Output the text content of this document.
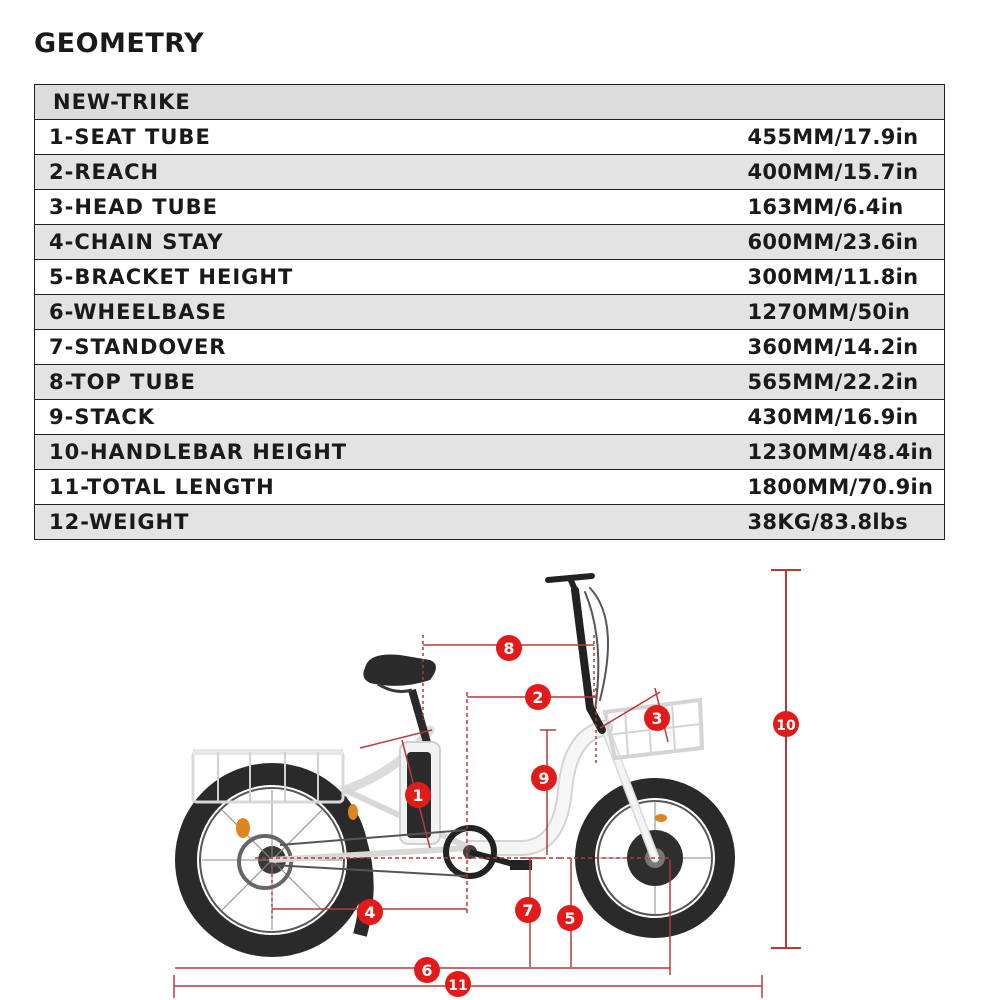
GEOMETRY
NEW-TRIKE	
1-SEAT TUBE	455MM/17.9in
2-REACH	400MM/15.7in
3-HEAD TUBE	163MM/6.4in
4-CHAIN STAY	600MM/23.6in
5-BRACKET HEIGHT	300MM/11.8in
6-WHEELBASE	1270MM/50in
7-STANDOVER	360MM/14.2in
8-TOP TUBE	565MM/22.2in
9-STACK	430MM/16.9in
10-HANDLEBAR HEIGHT	1230MM/48.4in
11-TOTAL LENGTH	1800MM/70.9in
12-WEIGHT	38KG/83.8lbs
1
2
3
4	5
6
7
8
9
10
11
